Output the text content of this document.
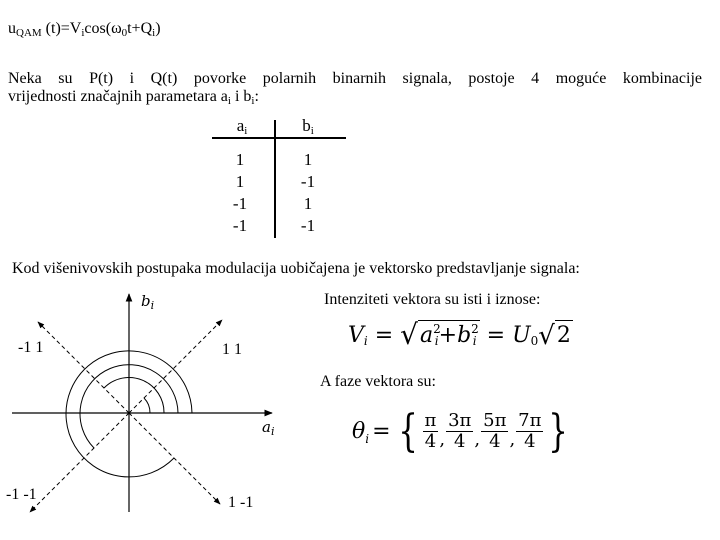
$u_{QAM}$ $(t)=V_i\cos(\omega_0t+Q_i)$
Neka su P(t) i Q(t) povorke polarnih binarnih signala, postoje 4 moguće kombinacije
vrijednosti značajnih parametara $a_i$ i $b_i$:
$a_i$	$b_i$
1	1
1	-1
-1	1
-1	-1
Kod višenivovskih postupaka modulacija uobičajena je vektorsko predstavljanje signala:
$b_i$
$a_i$
-1 1	1 1
-1 -1	1 -1
Intenziteti vektora su isti i iznose:
$V_i = √a^2_i+b^2_i = U_0√2$
A faze vektora su:
$\theta_i$ = { $\frac{\pi}{4}$ , $\frac{3\pi}{4}$ , $\frac{5\pi}{4}$ , $\frac{7\pi}{4}$ }
